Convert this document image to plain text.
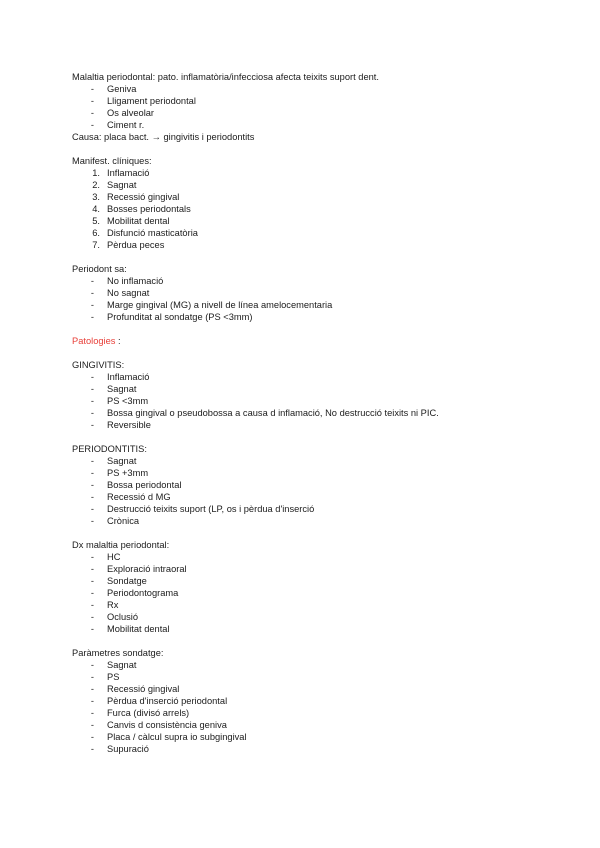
Malaltia periodontal: pato. inflamatòria/infecciosa afecta teixits suport dent.
- Geniva
- Lligament periodontal
- Os alveolar
- Ciment r.
Causa: placa bact. → gingivitis i periodontits
Manifest. clíniques:
1. Inflamació
2. Sagnat
3. Recessió gingival
4. Bosses periodontals
5. Mobilitat dental
6. Disfunció masticatòria
7. Pèrdua peces
Periodont sa:
- No inflamació
- No sagnat
- Marge gingival (MG) a nivell de línea amelocementaria
- Profunditat al sondatge (PS <3mm)
Patologies :
GINGIVITIS:
- Inflamació
- Sagnat
- PS <3mm
- Bossa gingival o pseudobossa a causa d inflamació, No destrucció teixits ni PIC.
- Reversible
PERIODONTITIS:
- Sagnat
- PS +3mm
- Bossa periodontal
- Recessió d MG
- Destrucció teixits suport (LP, os i pèrdua d'inserció
- Crònica
Dx malaltia periodontal:
- HC
- Exploració intraoral
- Sondatge
- Periodontograma
- Rx
- Oclusió
- Mobilitat dental
Paràmetres sondatge:
- Sagnat
- PS
- Recessió gingival
- Pèrdua d'inserció periodontal
- Furca (divisó arrels)
- Canvis d consistència geniva
- Placa / càlcul supra io subgingival
- Supuració
